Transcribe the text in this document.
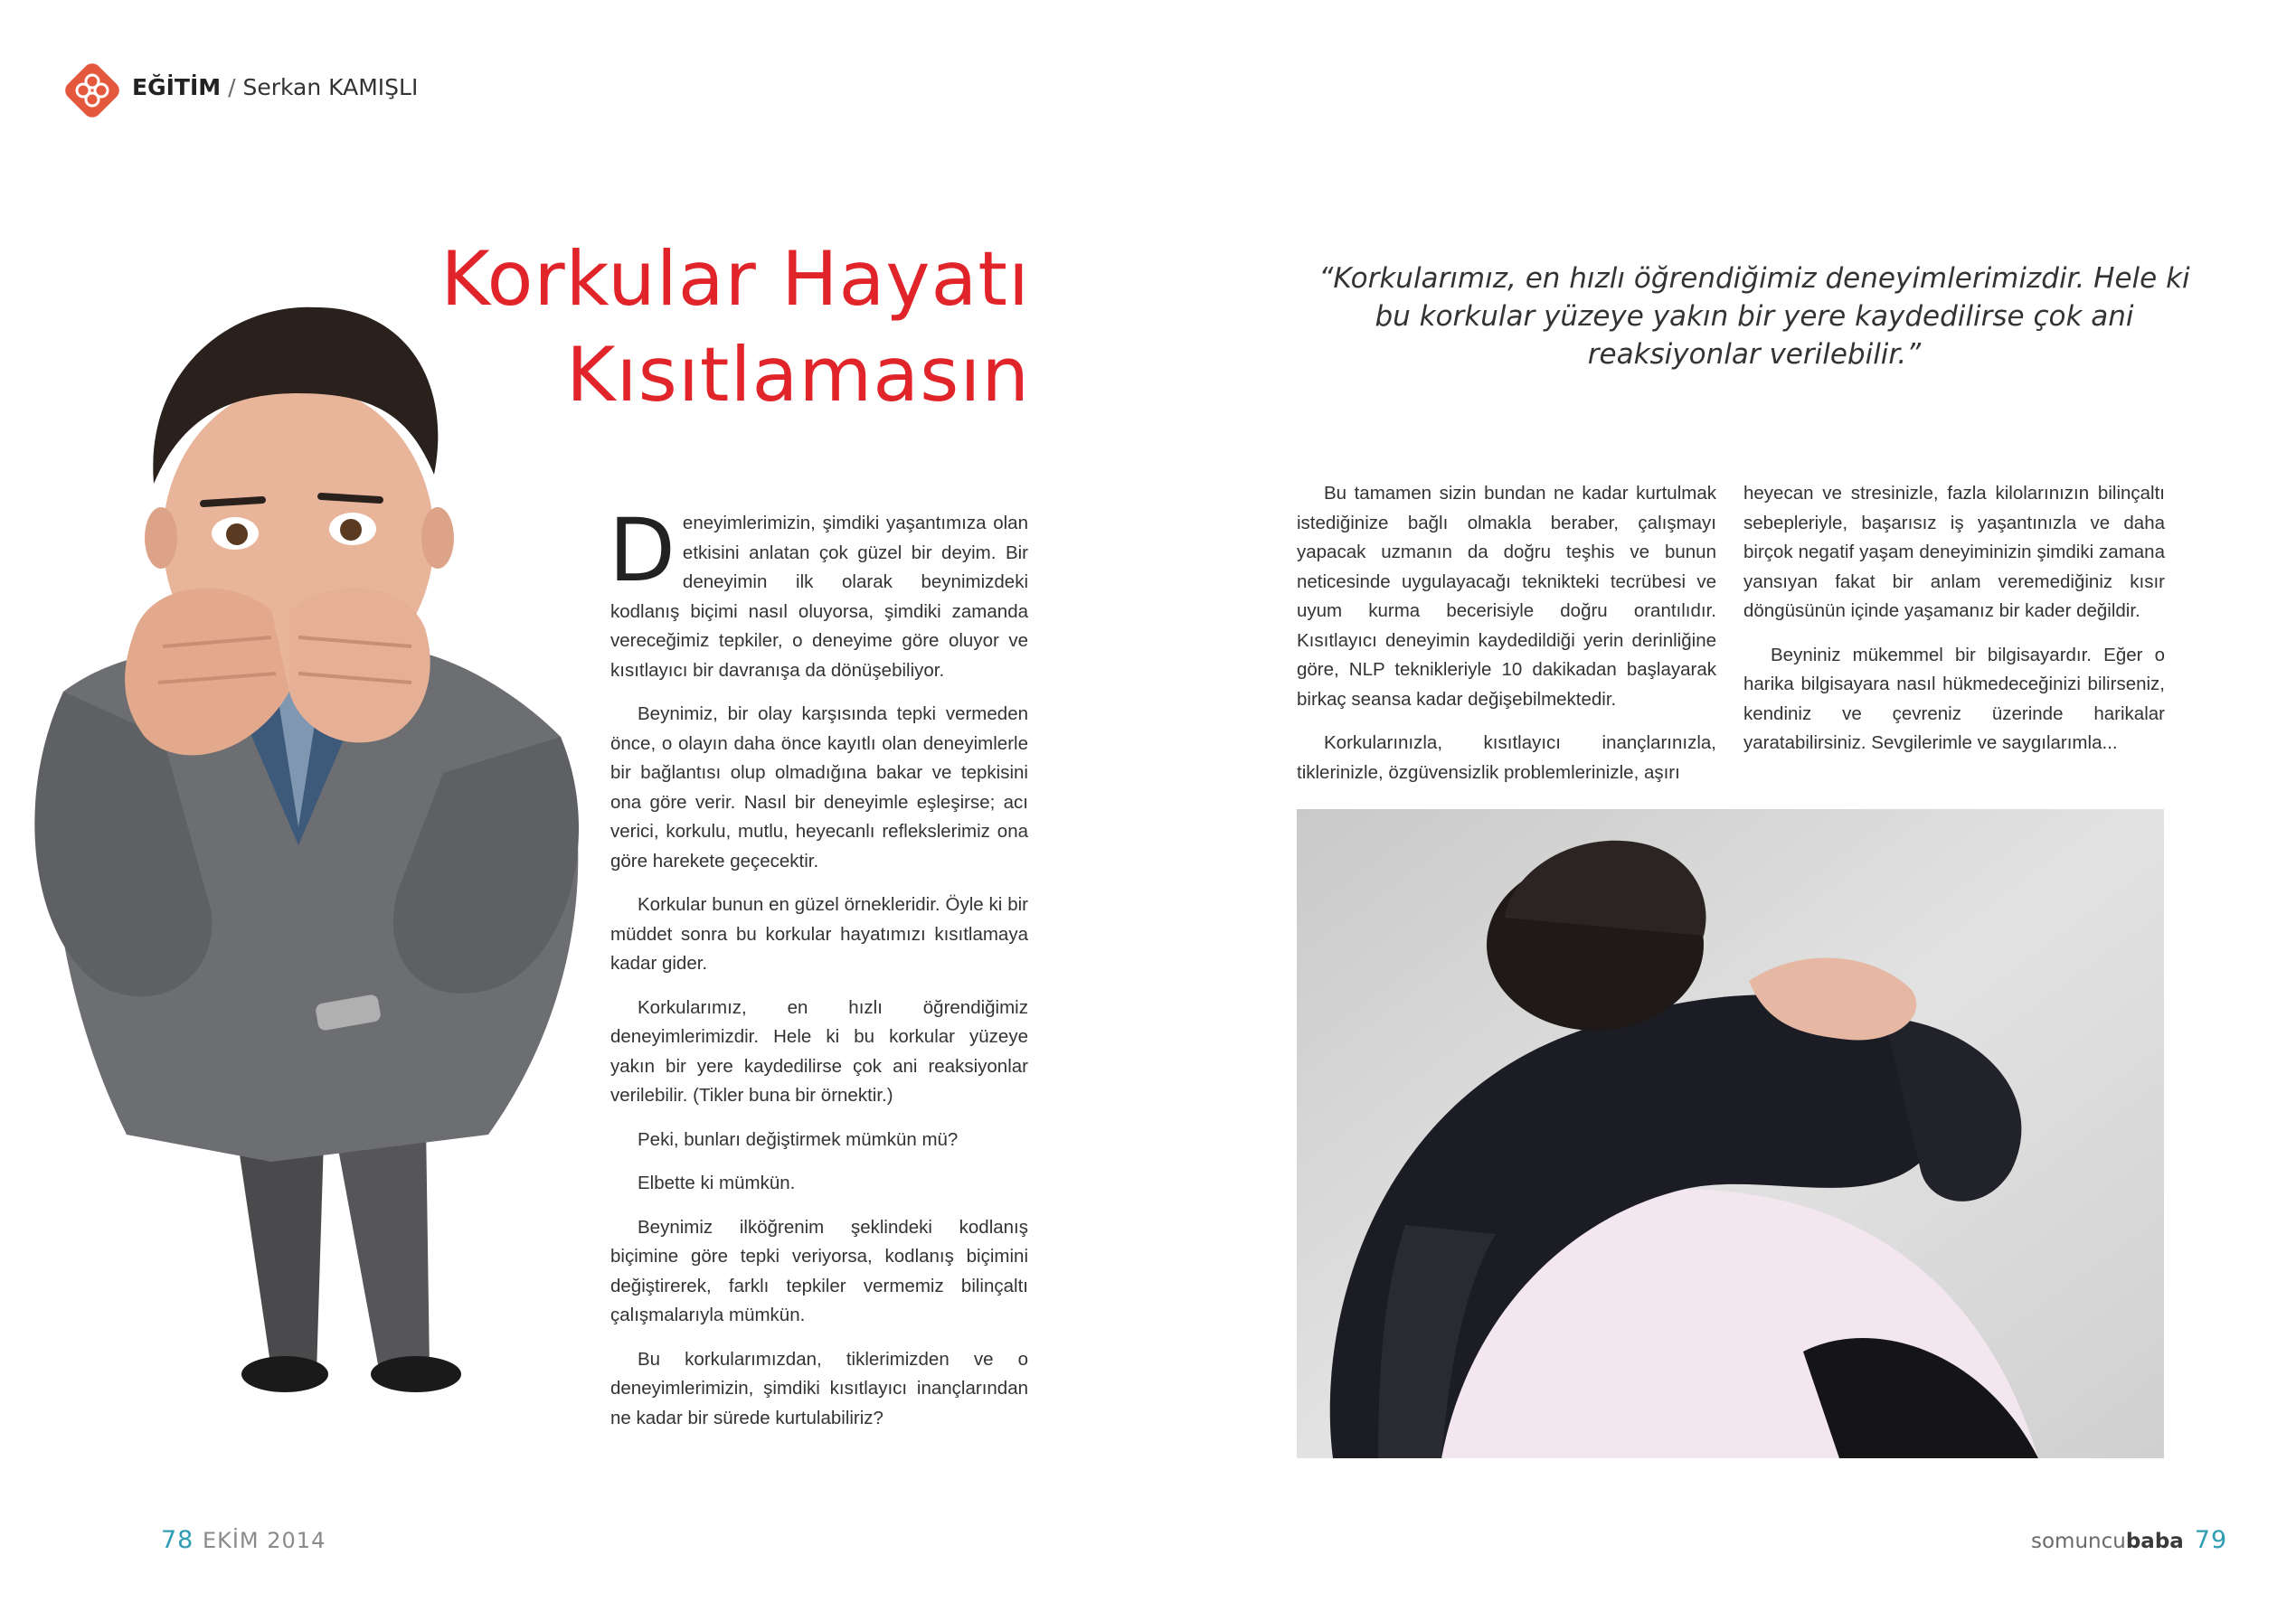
EĞİTİM / Serkan KAMIŞLI
Korkular Hayatı
Kısıtlamasın
“Korkularımız, en hızlı öğrendiğimiz deneyimlerimizdir. Hele ki bu korkular yüzeye yakın bir yere kaydedilirse çok ani reaksiyonlar verilebilir.”

Deneyimlerimizin, şimdiki yaşantımıza olan etkisini anlatan çok güzel bir deyim. Bir deneyimin ilk olarak beynimizdeki kodlanış biçimi nasıl oluyorsa, şimdiki zamanda vereceğimiz tepkiler, o deneyime göre oluyor ve kısıtlayıcı bir davranışa da dönüşebiliyor.

Beynimiz, bir olay karşısında tepki vermeden önce, o olayın daha önce kayıtlı olan deneyimlerle bir bağlantısı olup olmadığına bakar ve tepkisini ona göre verir. Nasıl bir deneyimle eşleşirse; acı verici, korkulu, mutlu, heyecanlı reflekslerimiz ona göre harekete geçecektir.

Korkular bunun en güzel örnekleridir. Öyle ki bir müddet sonra bu korkular hayatımızı kısıtlamaya kadar gider.

Korkularımız, en hızlı öğrendiğimiz deneyimlerimizdir. Hele ki bu korkular yüzeye yakın bir yere kaydedilirse çok ani reaksiyonlar verilebilir. (Tikler buna bir örnektir.)

Peki, bunları değiştirmek mümkün mü?

Elbette ki mümkün.

Beynimiz ilköğrenim şeklindeki kodlanış biçimine göre tepki veriyorsa, kodlanış biçimini değiştirerek, farklı tepkiler vermemiz bilinçaltı çalışmalarıyla mümkün.

Bu korkularımızdan, tiklerimizden ve o deneyimlerimizin, şimdiki kısıtlayıcı inançlarından ne kadar bir sürede kurtulabiliriz?

Bu tamamen sizin bundan ne kadar kurtulmak istediğinize bağlı olmakla beraber, çalışmayı yapacak uzmanın da doğru teşhis ve bunun neticesinde uygulayacağı teknikteki tecrübesi ve uyum kurma becerisiyle doğru orantılıdır. Kısıtlayıcı deneyimin kaydedildiği yerin derinliğine göre, NLP teknikleriyle 10 dakikadan başlayarak birkaç seansa kadar değişebilmektedir.

Korkularınızla, kısıtlayıcı inançlarınızla, tiklerinizle, özgüvensizlik problemlerinizle, aşırı

heyecan ve stresinizle, fazla kilolarınızın bilinçaltı sebepleriyle, başarısız iş yaşantınızla ve daha birçok negatif yaşam deneyiminizin şimdiki zamana yansıyan fakat bir anlam veremediğiniz kısır döngüsünün içinde yaşamanız bir kader değildir.

Beyniniz mükemmel bir bilgisayardır. Eğer o harika bilgisayara nasıl hükmedeceğinizi bilirseniz, kendiniz ve çevreniz üzerinde harikalar yaratabilirsiniz. Sevgilerimle ve saygılarımla...

78 EKİM 2014	somuncubaba 79
